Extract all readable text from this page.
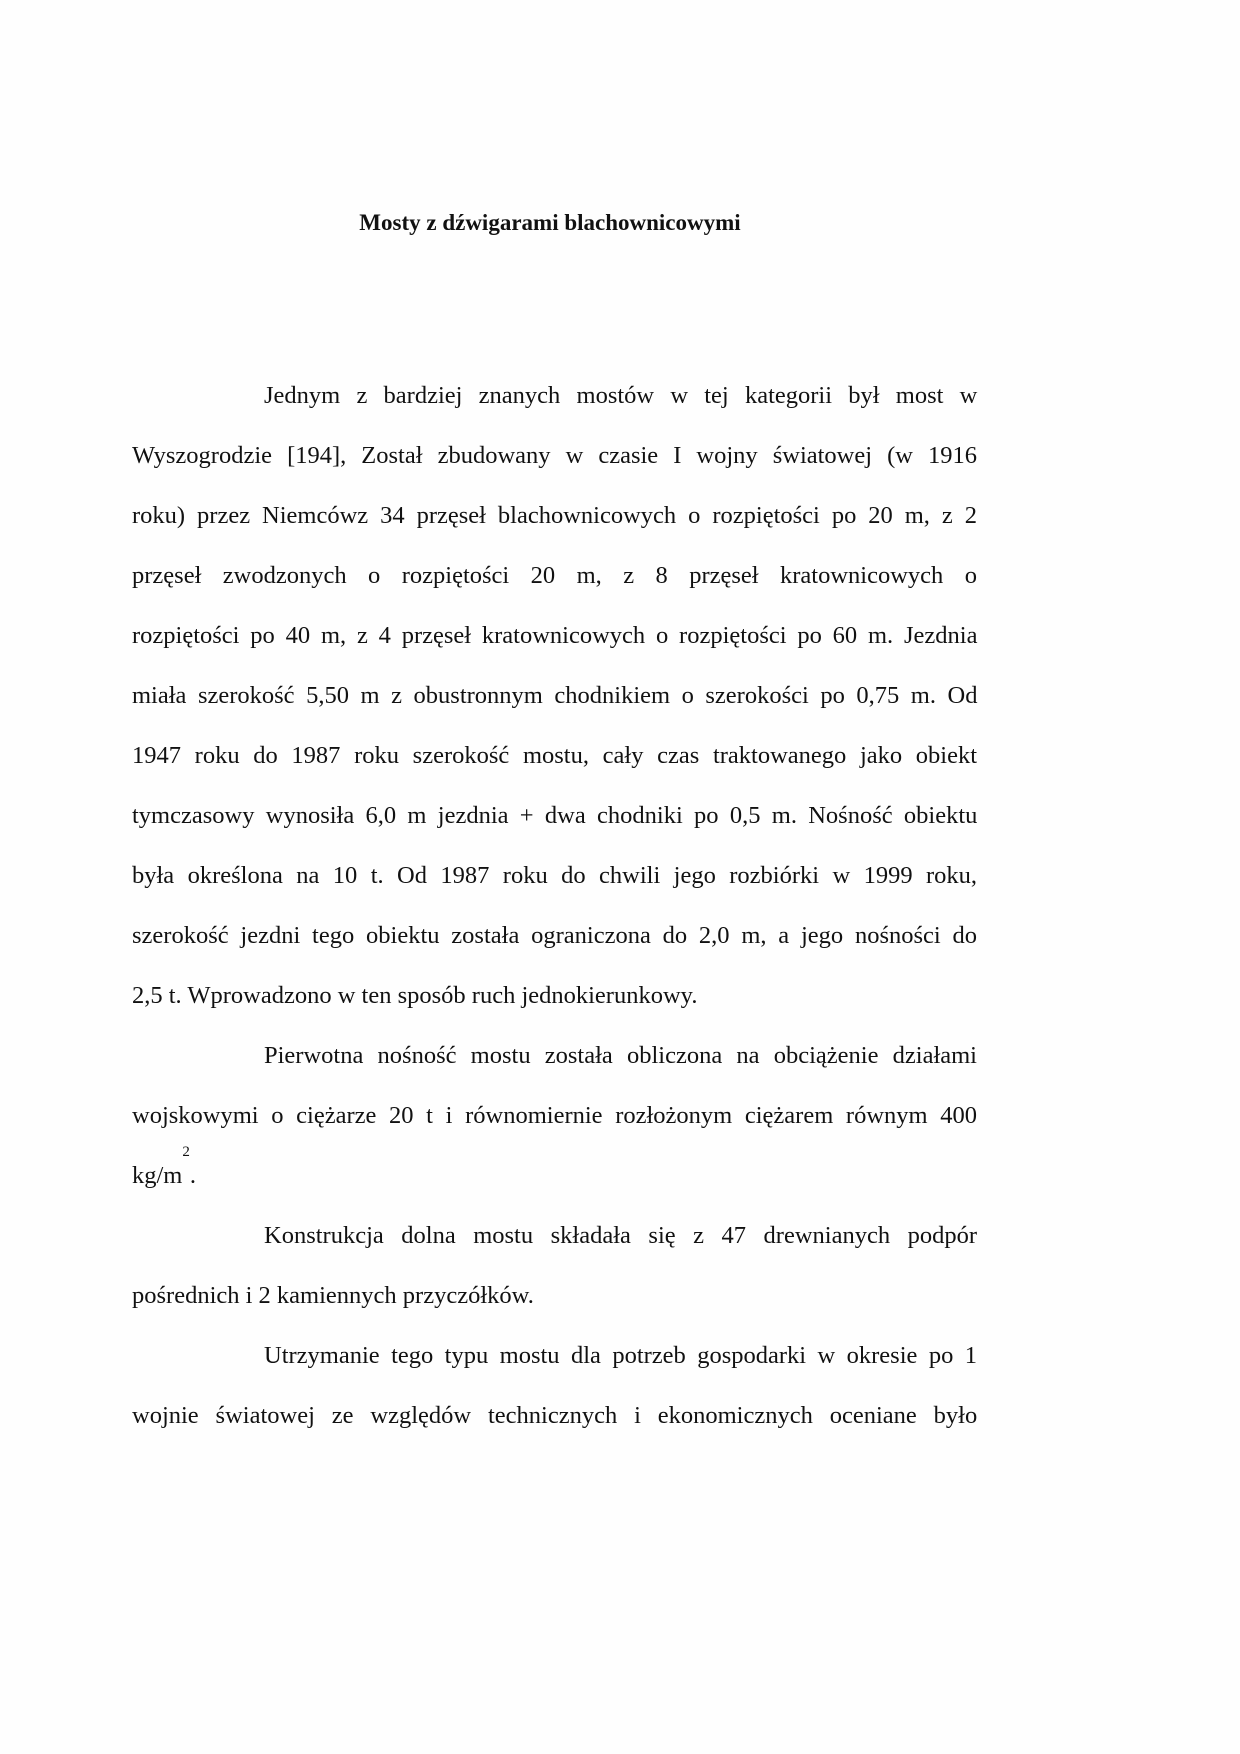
Mosty z dźwigarami blachownicowymi
Jednym z bardziej znanych mostów w tej kategorii był most w
Wyszogrodzie [194], Został zbudowany w czasie I wojny światowej (w 1916
roku) przez Niemcówz 34 przęseł blachownicowych o rozpiętości po 20 m, z 2
przęseł zwodzonych o rozpiętości 20 m, z 8 przęseł kratownicowych o
rozpiętości po 40 m, z 4 przęseł kratownicowych o rozpiętości po 60 m. Jezdnia
miała szerokość 5,50 m z obustronnym chodnikiem o szerokości po 0,75 m. Od
1947 roku do 1987 roku szerokość mostu, cały czas traktowanego jako obiekt
tymczasowy wynosiła 6,0 m jezdnia + dwa chodniki po 0,5 m. Nośność obiektu
była określona na 10 t. Od 1987 roku do chwili jego rozbiórki w 1999 roku,
szerokość jezdni tego obiektu została ograniczona do 2,0 m, a jego nośności do
2,5 t. Wprowadzono w ten sposób ruch jednokierunkowy.
Pierwotna nośność mostu została obliczona na obciążenie działami
wojskowymi o ciężarze 20 t i równomiernie rozłożonym ciężarem równym 400
$kg/m^2$.
Konstrukcja dolna mostu składała się z 47 drewnianych podpór
pośrednich i 2 kamiennych przyczółków.
Utrzymanie tego typu mostu dla potrzeb gospodarki w okresie po 1
wojnie światowej ze względów technicznych i ekonomicznych oceniane było
